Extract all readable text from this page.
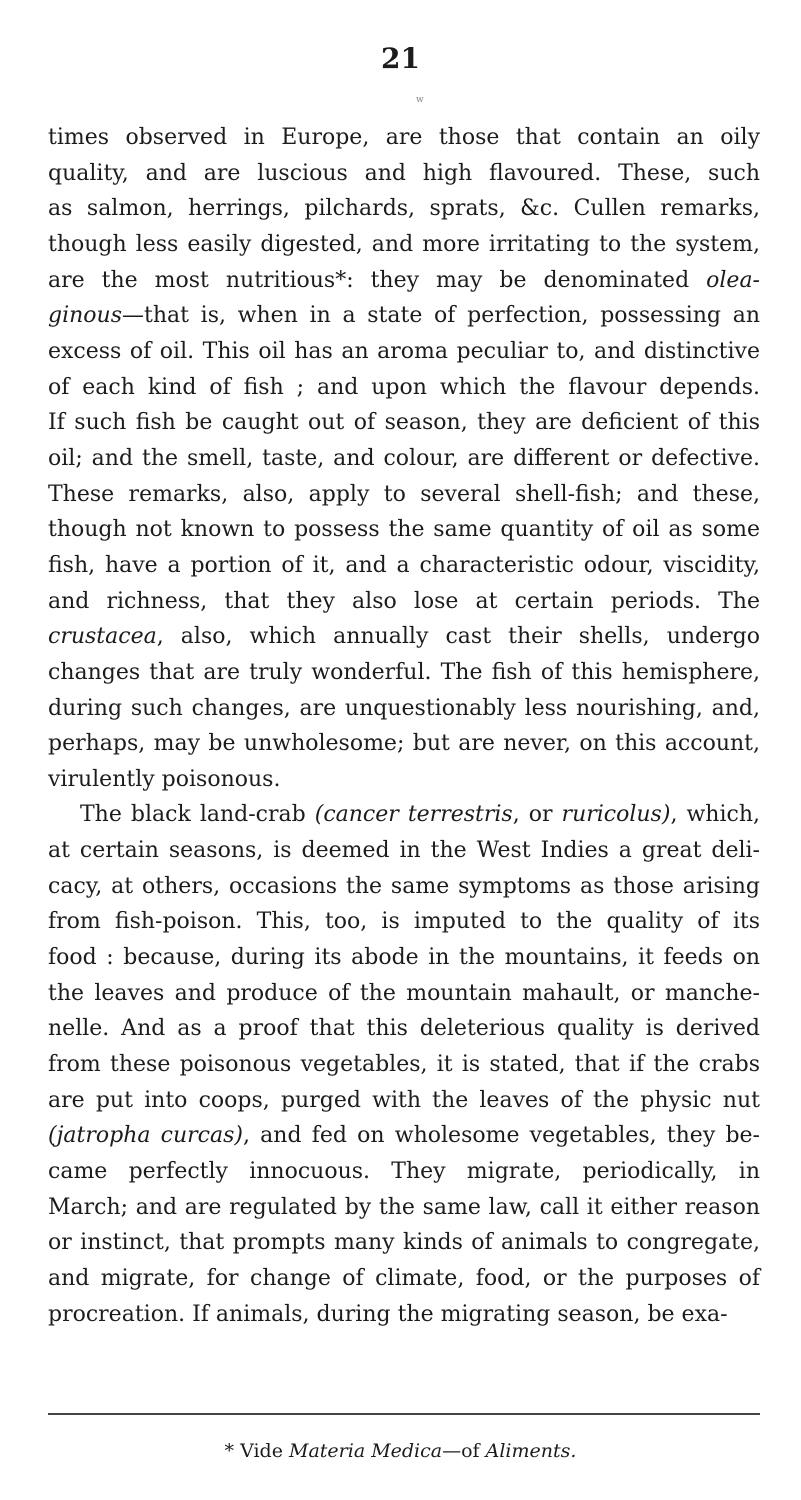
21
w
times observed in Europe, are those that contain an oily
quality, and are luscious and high flavoured. These, such
as salmon, herrings, pilchards, sprats, &c. Cullen remarks,
though less easily digested, and more irritating to the system,
are the most nutritious*: they may be denominated olea-
ginous—that is, when in a state of perfection, possessing an
excess of oil. This oil has an aroma peculiar to, and distinctive
of each kind of fish ; and upon which the flavour depends.
If such fish be caught out of season, they are deficient of this
oil; and the smell, taste, and colour, are different or defective.
These remarks, also, apply to several shell-fish; and these,
though not known to possess the same quantity of oil as some
fish, have a portion of it, and a characteristic odour, viscidity,
and richness, that they also lose at certain periods. The
crustacea, also, which annually cast their shells, undergo
changes that are truly wonderful. The fish of this hemisphere,
during such changes, are unquestionably less nourishing, and,
perhaps, may be unwholesome; but are never, on this account,
virulently poisonous.
The black land-crab (cancer terrestris, or ruricolus), which,
at certain seasons, is deemed in the West Indies a great deli-
cacy, at others, occasions the same symptoms as those arising
from fish-poison. This, too, is imputed to the quality of its
food : because, during its abode in the mountains, it feeds on
the leaves and produce of the mountain mahault, or manche-
nelle. And as a proof that this deleterious quality is derived
from these poisonous vegetables, it is stated, that if the crabs
are put into coops, purged with the leaves of the physic nut
(jatropha curcas), and fed on wholesome vegetables, they be-
came perfectly innocuous. They migrate, periodically, in
March; and are regulated by the same law, call it either reason
or instinct, that prompts many kinds of animals to congregate,
and migrate, for change of climate, food, or the purposes of
procreation. If animals, during the migrating season, be exa-
* Vide Materia Medica—of Aliments.
